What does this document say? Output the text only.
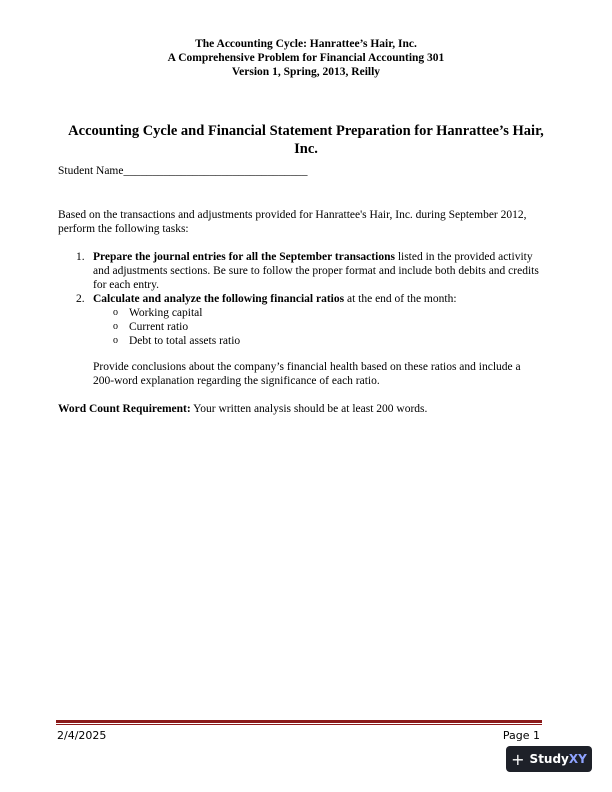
The Accounting Cycle: Hanrattee’s Hair, Inc.
A Comprehensive Problem for Financial Accounting 301
Version 1, Spring, 2013, Reilly
Accounting Cycle and Financial Statement Preparation for Hanrattee’s Hair, Inc.
Student Name________________________________
Based on the transactions and adjustments provided for Hanrattee's Hair, Inc. during September 2012, perform the following tasks:
1. Prepare the journal entries for all the September transactions listed in the provided activity and adjustments sections. Be sure to follow the proper format and include both debits and credits for each entry.
2. Calculate and analyze the following financial ratios at the end of the month:
o Working capital
o Current ratio
o Debt to total assets ratio
Provide conclusions about the company’s financial health based on these ratios and include a 200-word explanation regarding the significance of each ratio.
Word Count Requirement: Your written analysis should be at least 200 words.
2/4/2025	Page 1
+ Study XY
